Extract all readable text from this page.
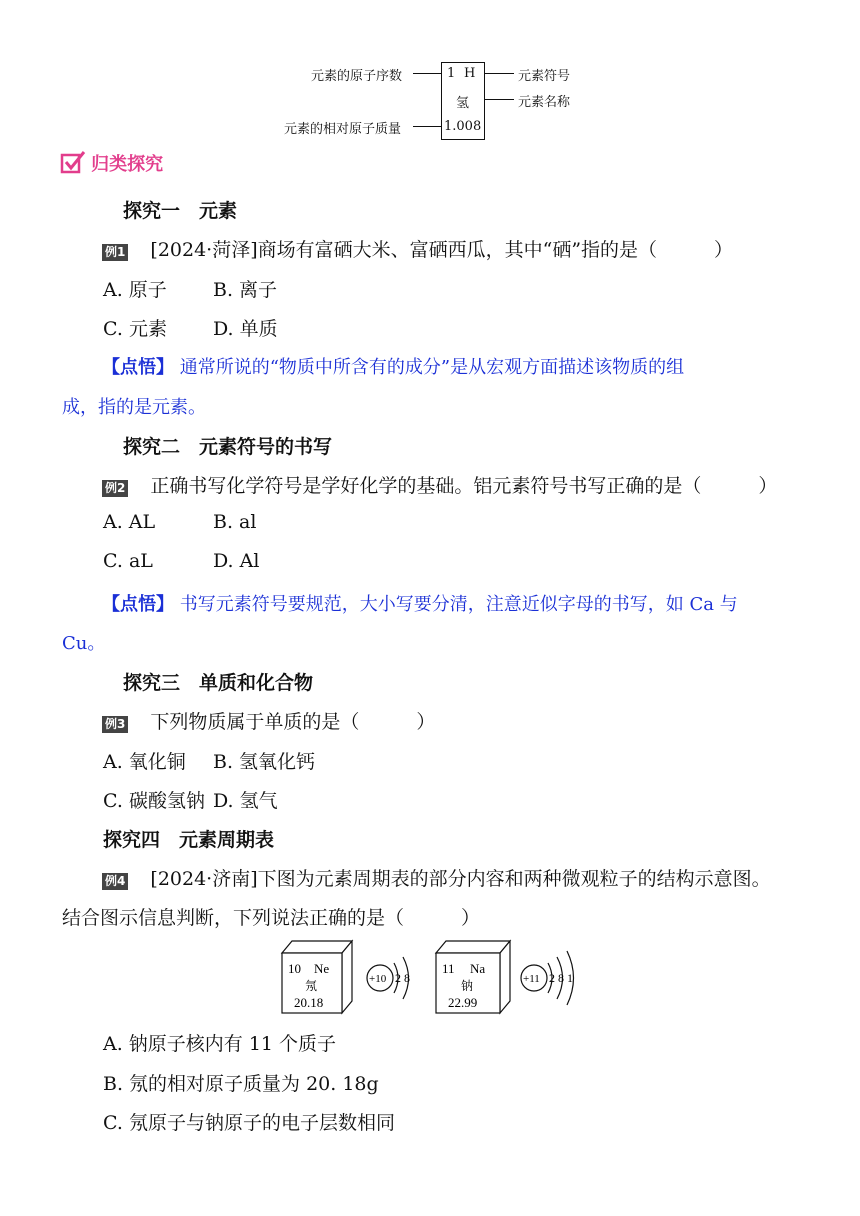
元素的原子序数
元素的相对原子质量
1 H
氢
1.008
元素符号
元素名称
归类探究
探究一　元素
例1 [2024·菏泽]商场有富硒大米、富硒西瓜，其中“硒”指的是（　　　）
A. 原子 B. 离子
C. 元素 D. 单质
【点悟】 通常所说的“物质中所含有的成分”是从宏观方面描述该物质的组
成，指的是元素。
探究二　元素符号的书写
例2 正确书写化学符号是学好化学的基础。铝元素符号书写正确的是（　　　）
A. AL	B. al
C. aL	D. Al
【点悟】 书写元素符号要规范，大小写要分清，注意近似字母的书写，如 Ca 与
Cu。
探究三　单质和化合物
例3 下列物质属于单质的是（　　　）
A. 氧化铜 B. 氢氧化钙
C. 碳酸氢钠 D. 氢气
探究四　元素周期表
例4 [2024·济南]下图为元素周期表的部分内容和两种微观粒子的结构示意图。
结合图示信息判断，下列说法正确的是（　　　）
10 Ne
氖
20.18
+10 2 8
11 Na
钠
22.99
+11 2 8 1
A. 钠原子核内有 11 个质子
B. 氖的相对原子质量为 20. 18g
C. 氖原子与钠原子的电子层数相同
